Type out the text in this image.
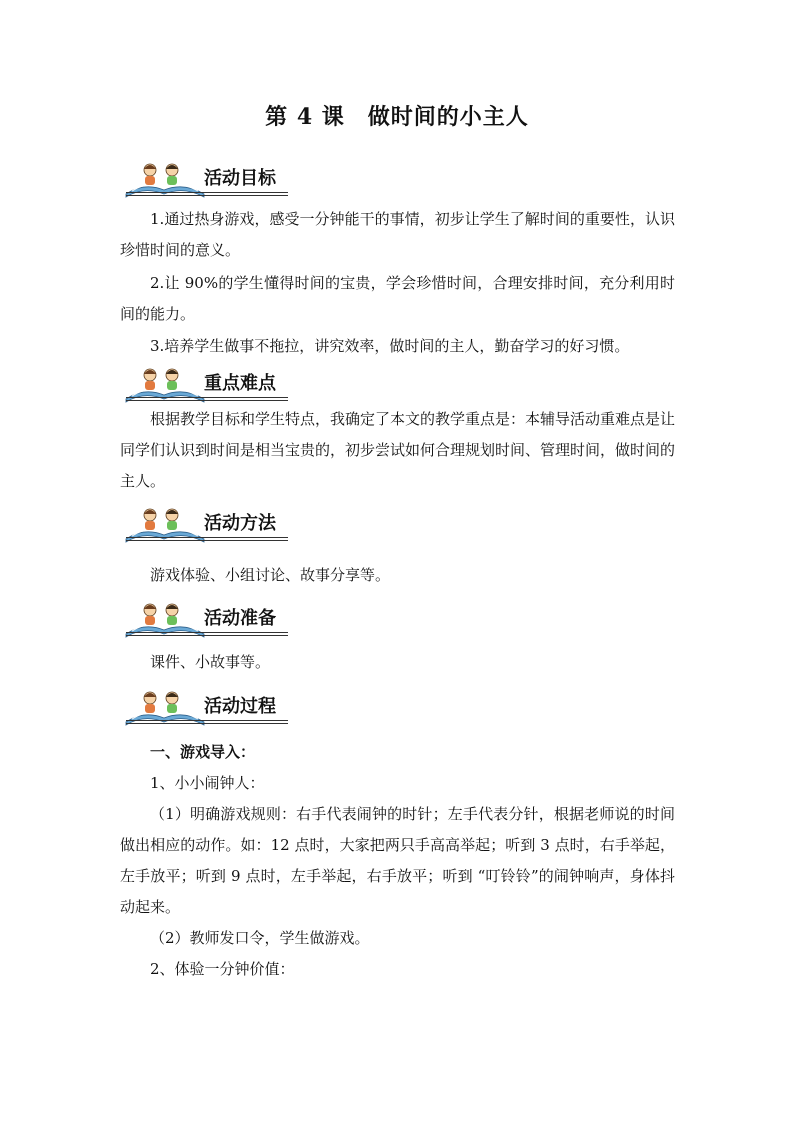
第 4 课　做时间的小主人
活动目标
1.通过热身游戏，感受一分钟能干的事情，初步让学生了解时间的重要性，认识珍惜时间的意义。
2.让 90%的学生懂得时间的宝贵，学会珍惜时间，合理安排时间，充分利用时间的能力。
3.培养学生做事不拖拉，讲究效率，做时间的主人，勤奋学习的好习惯。
重点难点
根据教学目标和学生特点，我确定了本文的教学重点是：本辅导活动重难点是让同学们认识到时间是相当宝贵的，初步尝试如何合理规划时间、管理时间，做时间的主人。
活动方法
游戏体验、小组讨论、故事分享等。
活动准备
课件、小故事等。
活动过程
一、游戏导入：
1、小小闹钟人：
（1）明确游戏规则：右手代表闹钟的时针；左手代表分针，根据老师说的时间做出相应的动作。如：12 点时，大家把两只手高高举起；听到 3 点时，右手举起，左手放平；听到 9 点时，左手举起，右手放平；听到 “叮铃铃”的闹钟响声，身体抖动起来。
（2）教师发口令，学生做游戏。
2、体验一分钟价值：
